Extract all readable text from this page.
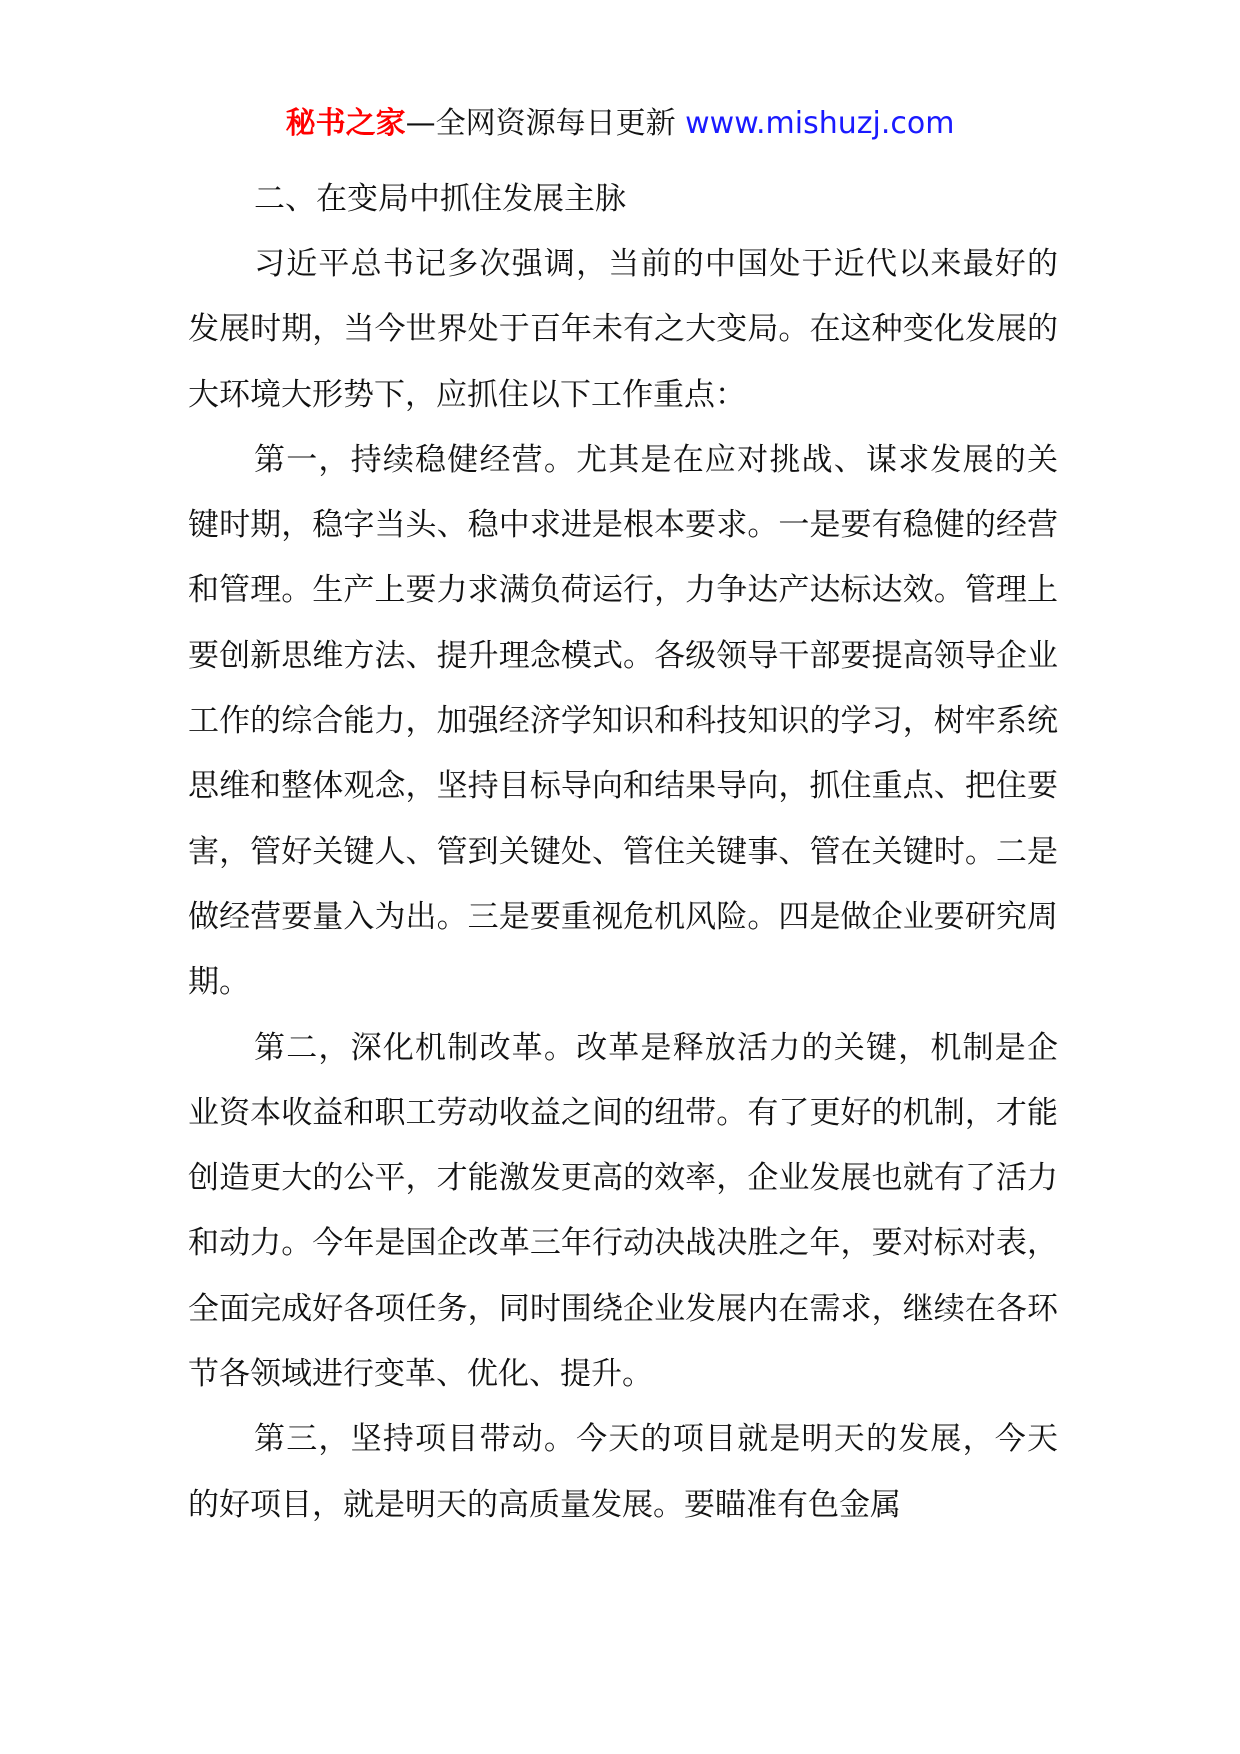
秘书之家—全网资源每日更新 www.mishuzj.com

二、在变局中抓住发展主脉

习近平总书记多次强调，当前的中国处于近代以来最好的发展时期，当今世界处于百年未有之大变局。在这种变化发展的大环境大形势下，应抓住以下工作重点：

第一，持续稳健经营。尤其是在应对挑战、谋求发展的关键时期，稳字当头、稳中求进是根本要求。一是要有稳健的经营和管理。生产上要力求满负荷运行，力争达产达标达效。管理上要创新思维方法、提升理念模式。各级领导干部要提高领导企业工作的综合能力，加强经济学知识和科技知识的学习，树牢系统思维和整体观念，坚持目标导向和结果导向，抓住重点、把住要害，管好关键人、管到关键处、管住关键事、管在关键时。二是做经营要量入为出。三是要重视危机风险。四是做企业要研究周期。

第二，深化机制改革。改革是释放活力的关键，机制是企业资本收益和职工劳动收益之间的纽带。有了更好的机制，才能创造更大的公平，才能激发更高的效率，企业发展也就有了活力和动力。今年是国企改革三年行动决战决胜之年，要对标对表，全面完成好各项任务，同时围绕企业发展内在需求，继续在各环节各领域进行变革、优化、提升。

第三，坚持项目带动。今天的项目就是明天的发展，今天的好项目，就是明天的高质量发展。要瞄准有色金属
